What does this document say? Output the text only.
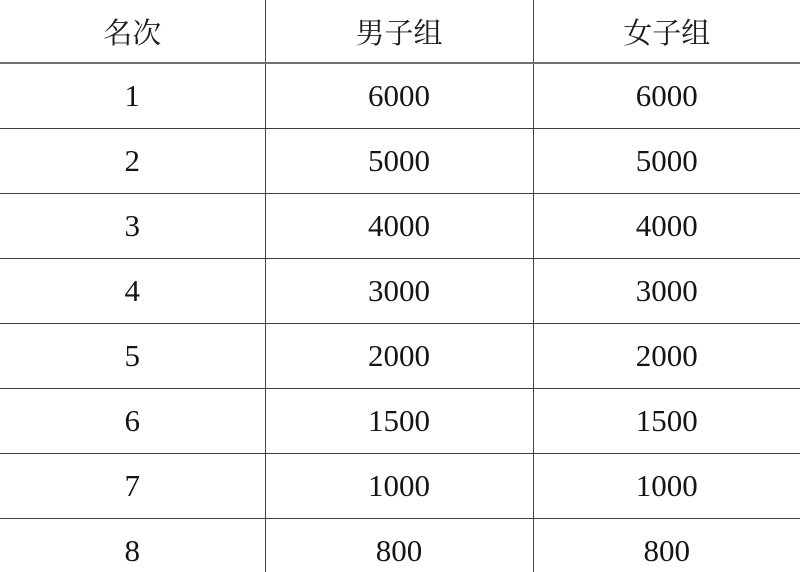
名次	男子组	女子组
1	6000	6000
2	5000	5000
3	4000	4000
4	3000	3000
5	2000	2000
6	1500	1500
7	1000	1000
8	800	800
